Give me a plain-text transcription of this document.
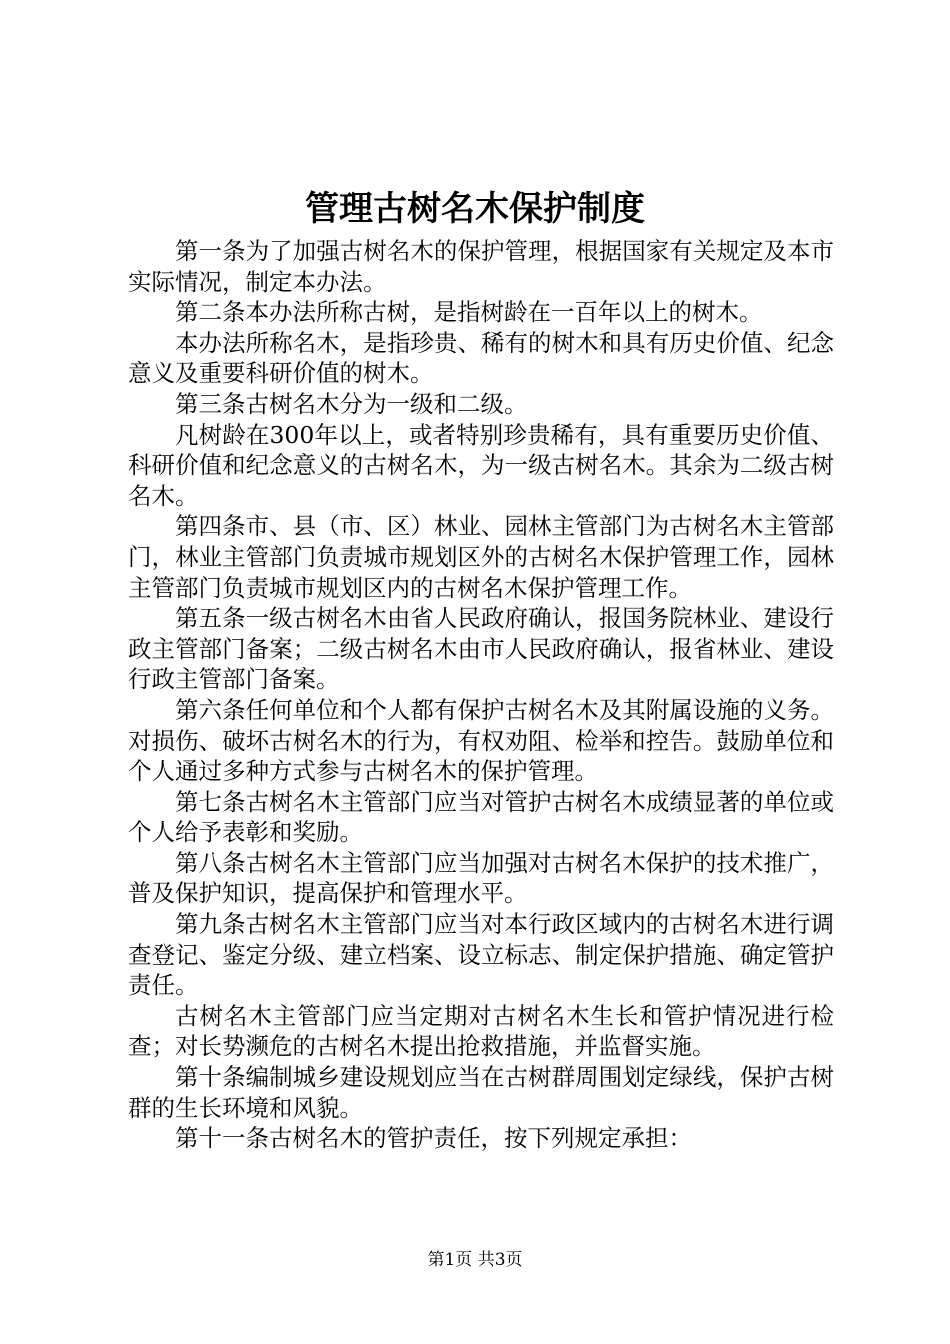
管理古树名木保护制度

第一条为了加强古树名木的保护管理，根据国家有关规定及本市实际情况，制定本办法。

第二条本办法所称古树，是指树龄在一百年以上的树木。

本办法所称名木，是指珍贵、稀有的树木和具有历史价值、纪念意义及重要科研价值的树木。

第三条古树名木分为一级和二级。

凡树龄在300年以上，或者特别珍贵稀有，具有重要历史价值、科研价值和纪念意义的古树名木，为一级古树名木。其余为二级古树名木。

第四条市、县（市、区）林业、园林主管部门为古树名木主管部门，林业主管部门负责城市规划区外的古树名木保护管理工作，园林主管部门负责城市规划区内的古树名木保护管理工作。

第五条一级古树名木由省人民政府确认，报国务院林业、建设行政主管部门备案；二级古树名木由市人民政府确认，报省林业、建设行政主管部门备案。

第六条任何单位和个人都有保护古树名木及其附属设施的义务。对损伤、破坏古树名木的行为，有权劝阻、检举和控告。鼓励单位和个人通过多种方式参与古树名木的保护管理。

第七条古树名木主管部门应当对管护古树名木成绩显著的单位或个人给予表彰和奖励。

第八条古树名木主管部门应当加强对古树名木保护的技术推广，普及保护知识，提高保护和管理水平。

第九条古树名木主管部门应当对本行政区域内的古树名木进行调查登记、鉴定分级、建立档案、设立标志、制定保护措施、确定管护责任。

古树名木主管部门应当定期对古树名木生长和管护情况进行检查；对长势濒危的古树名木提出抢救措施，并监督实施。

第十条编制城乡建设规划应当在古树群周围划定绿线，保护古树群的生长环境和风貌。

第十一条古树名木的管护责任，按下列规定承担：

第1页 共3页
